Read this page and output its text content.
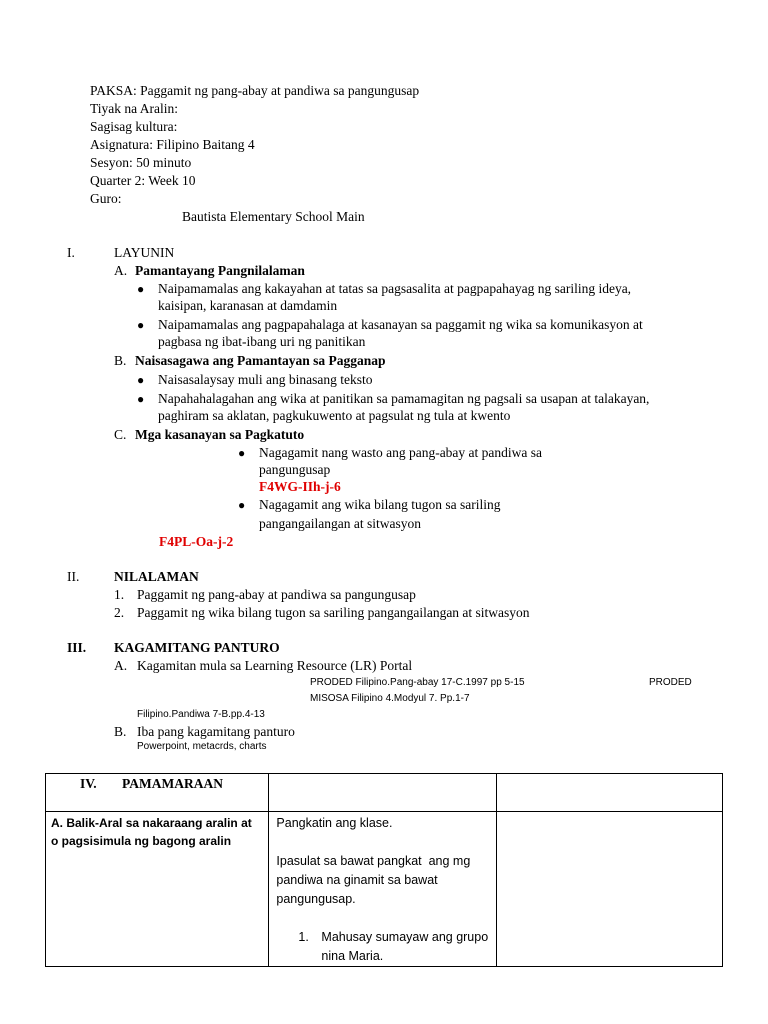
PAKSA: Paggamit ng pang-abay at pandiwa sa pangungusap
Tiyak na Aralin:
Sagisag kultura:
Asignatura: Filipino Baitang 4
Sesyon: 50 minuto
Quarter 2: Week 10
Guro:
Bautista Elementary School Main
I.	LAYUNIN
A. Pamantayang Pangnilalaman
● Naipamamalas ang kakayahan at tatas sa pagsasalita at pagpapahayag ng sariling ideya,
kaisipan, karanasan at damdamin
● Naipamamalas ang pagpapahalaga at kasanayan sa paggamit ng wika sa komunikasyon at
pagbasa ng ibat-ibang uri ng panitikan
B. Naisasagawa ang Pamantayan sa Pagganap
● Naisasalaysay muli ang binasang teksto
● Napahahalagahan ang wika at panitikan sa pamamagitan ng pagsali sa usapan at talakayan,
paghiram sa aklatan, pagkukuwento at pagsulat ng tula at kwento
C. Mga kasanayan sa Pagkatuto
● Nagagamit nang wasto ang pang-abay at pandiwa sa
pangungusap
F4WG-IIh-j-6
● Nagagamit ang wika bilang tugon sa sariling
pangangailangan at sitwasyon
F4PL-Oa-j-2
II.	NILALAMAN
1. Paggamit ng pang-abay at pandiwa sa pangungusap
2. Paggamit ng wika bilang tugon sa sariling pangangailangan at sitwasyon
III. KAGAMITANG PANTURO
A. Kagamitan mula sa Learning Resource (LR) Portal
PRODED Filipino.Pang-abay 17-C.1997 pp 5-15	PRODED
MISOSA Filipino 4.Modyul 7. Pp.1-7
Filipino.Pandiwa 7-B.pp.4-13
B. Iba pang kagamitang panturo
Powerpoint, metacrds, charts
IV. PAMAMARAAN		

A. Balik-Aral sa nakaraang aralin at o pagsisimula ng bagong aralin	Pangkatin ang klase.
Ipasulat sa bawat pangkat  ang mg pandiwa na ginamit sa bawat pangungusap.
1. Mahusay sumayaw ang grupo nina Maria.	
